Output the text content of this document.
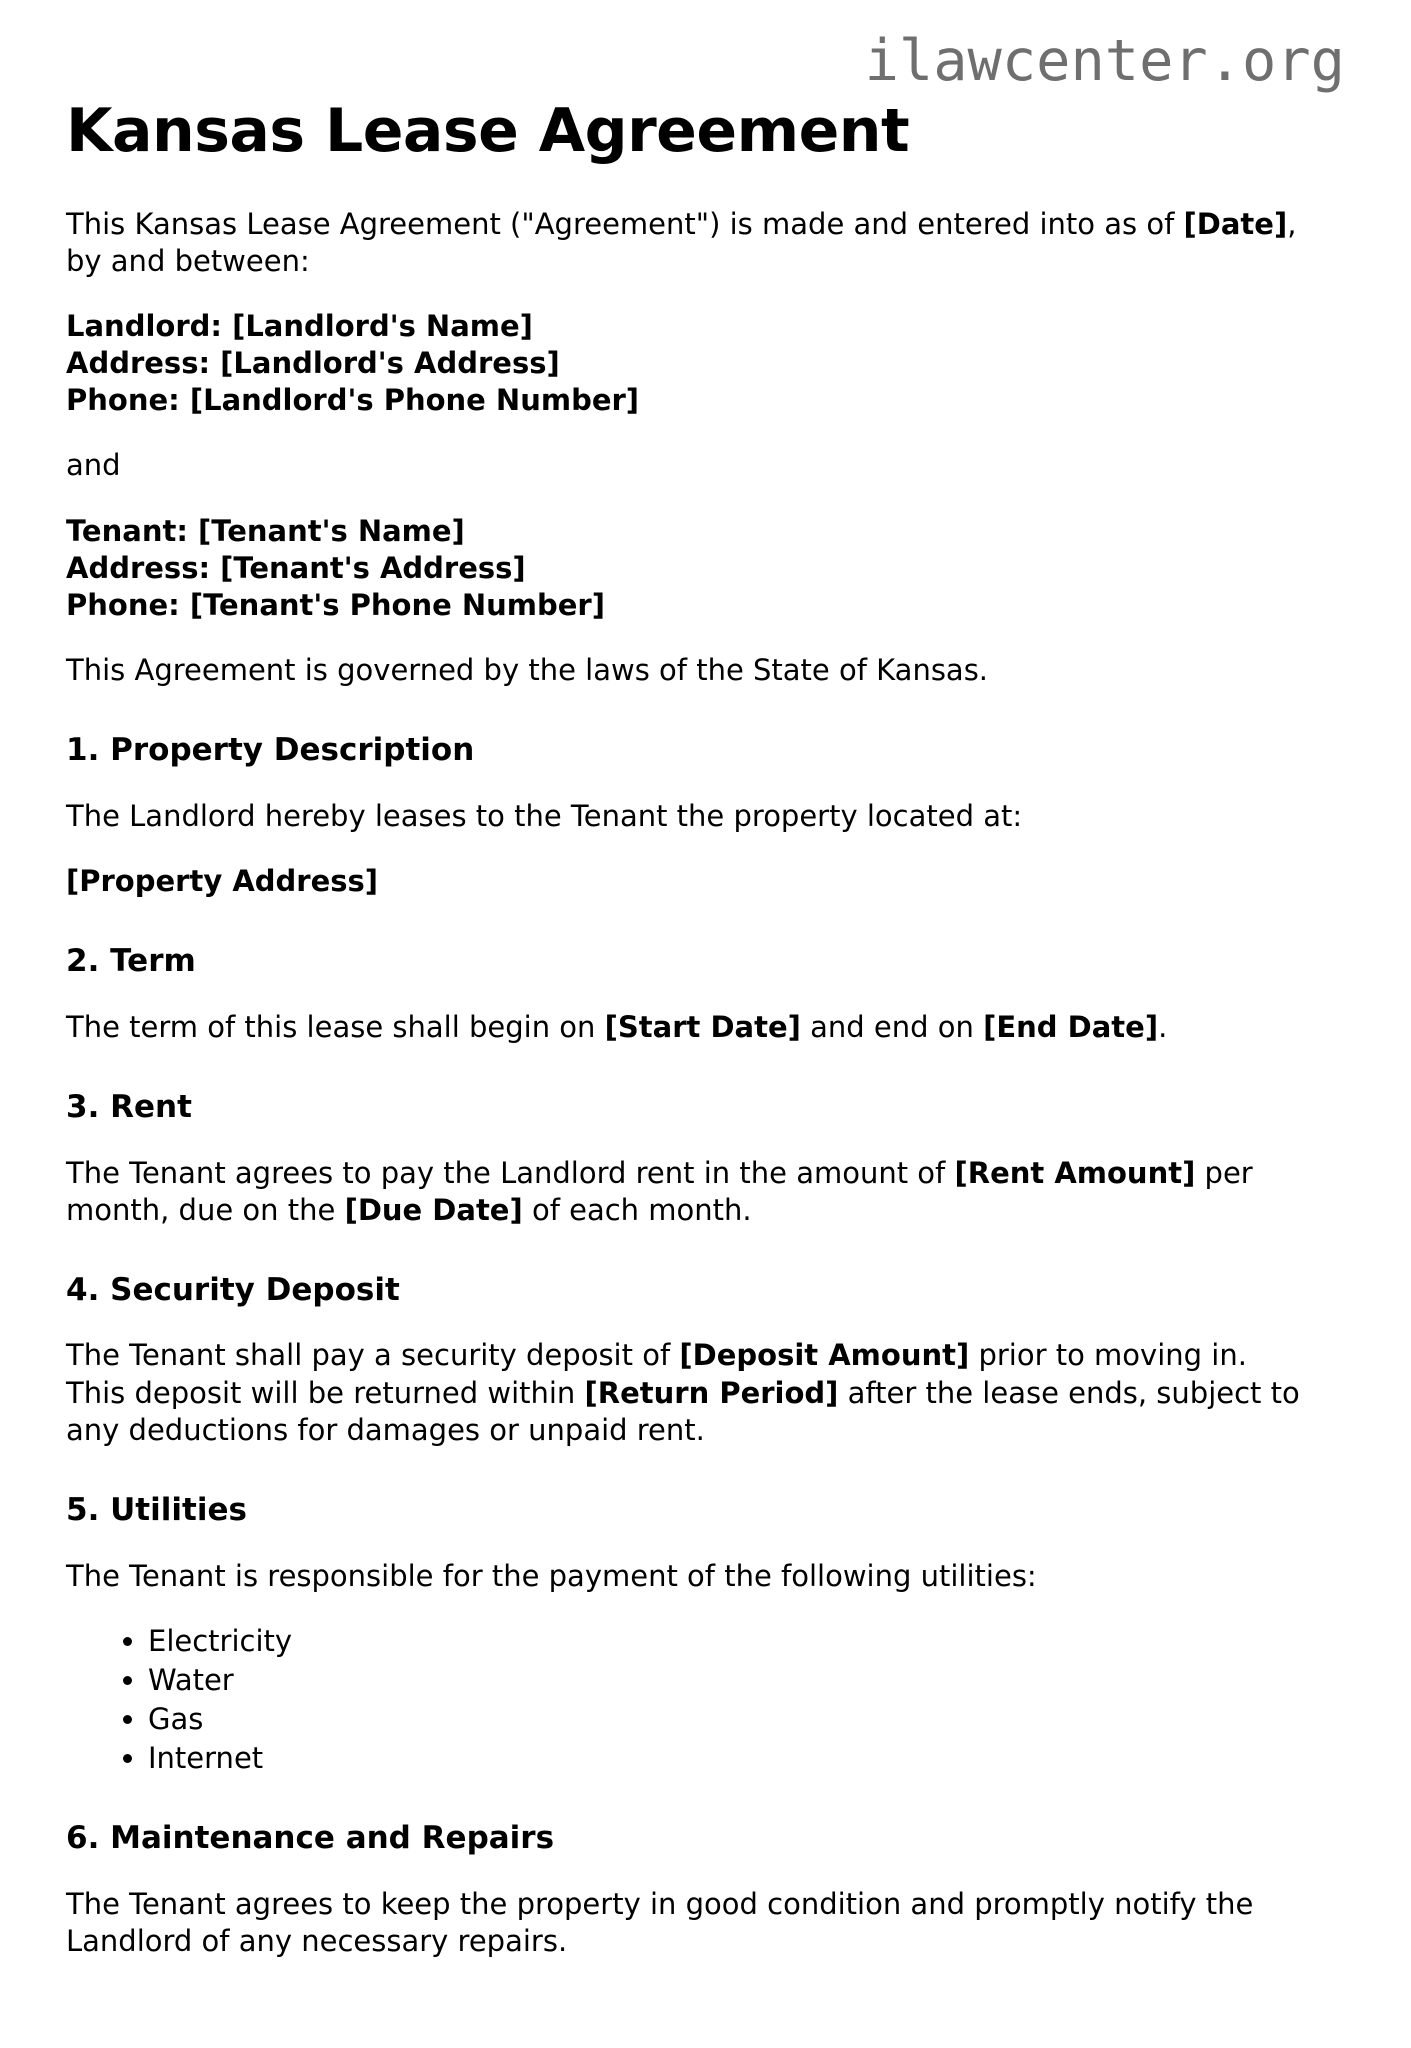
ilawcenter.org
Kansas Lease Agreement
This Kansas Lease Agreement ("Agreement") is made and entered into as of [Date], by and between:
Landlord: [Landlord's Name]
Address: [Landlord's Address]
Phone: [Landlord's Phone Number]
and
Tenant: [Tenant's Name]
Address: [Tenant's Address]
Phone: [Tenant's Phone Number]
This Agreement is governed by the laws of the State of Kansas.
1. Property Description
The Landlord hereby leases to the Tenant the property located at:
[Property Address]
2. Term
The term of this lease shall begin on [Start Date] and end on [End Date].
3. Rent
The Tenant agrees to pay the Landlord rent in the amount of [Rent Amount] per month, due on the [Due Date] of each month.
4. Security Deposit
The Tenant shall pay a security deposit of [Deposit Amount] prior to moving in. This deposit will be returned within [Return Period] after the lease ends, subject to any deductions for damages or unpaid rent.
5. Utilities
The Tenant is responsible for the payment of the following utilities:
• Electricity
• Water
• Gas
• Internet
6. Maintenance and Repairs
The Tenant agrees to keep the property in good condition and promptly notify the Landlord of any necessary repairs.
